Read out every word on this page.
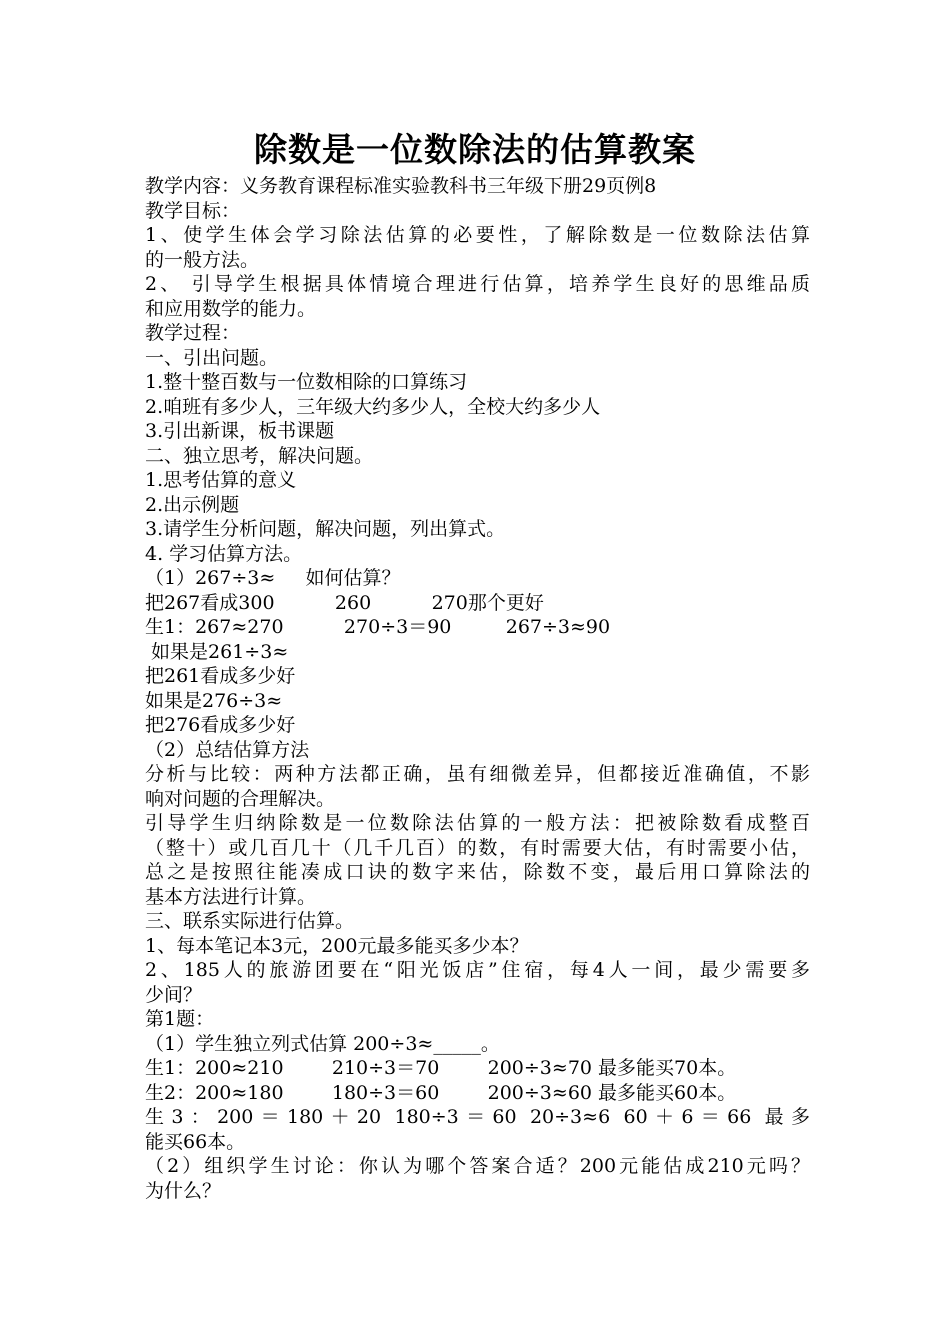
除数是一位数除法的估算教案
教学内容：义务教育课程标准实验教科书三年级下册29页例8
教学目标：
1、使学生体会学习除法估算的必要性，了解除数是一位数除法估算
的一般方法。
2、 引导学生根据具体情境合理进行估算，培养学生良好的思维品质
和应用数学的能力。
教学过程：
一、引出问题。
1.整十整百数与一位数相除的口算练习
2.咱班有多少人，三年级大约多少人，全校大约多少人
3.引出新课，板书课题
二、独立思考，解决问题。
1.思考估算的意义
2.出示例题
3.请学生分析问题，解决问题，列出算式。
4. 学习估算方法。
（1）267÷3≈     如何估算？
把267看成300          260          270那个更好
生1：267≈270          270÷3＝90         267÷3≈90
如果是261÷3≈
把261看成多少好
如果是276÷3≈
把276看成多少好
（2）总结估算方法
分析与比较：两种方法都正确，虽有细微差异，但都接近准确值，不影
响对问题的合理解决。
引导学生归纳除数是一位数除法估算的一般方法：把被除数看成整百
（整十）或几百几十（几千几百）的数，有时需要大估，有时需要小估，
总之是按照往能凑成口诀的数字来估，除数不变，最后用口算除法的
基本方法进行计算。
三、联系实际进行估算。
1、每本笔记本3元，200元最多能买多少本？
2、185人的旅游团要在“阳光饭店”住宿，每4人一间，最少需要多
少间？
第1题：
（1）学生独立列式估算 200÷3≈_____。
生1：200≈210        210÷3＝70        200÷3≈70 最多能买70本。
生2：200≈180        180÷3＝60        200÷3≈60 最多能买60本。
生3：200＝180＋20 180÷3＝60 20÷3≈6 60＋6＝66 最多
能买66本。
（2）组织学生讨论：你认为哪个答案合适？200元能估成210元吗？
为什么？
